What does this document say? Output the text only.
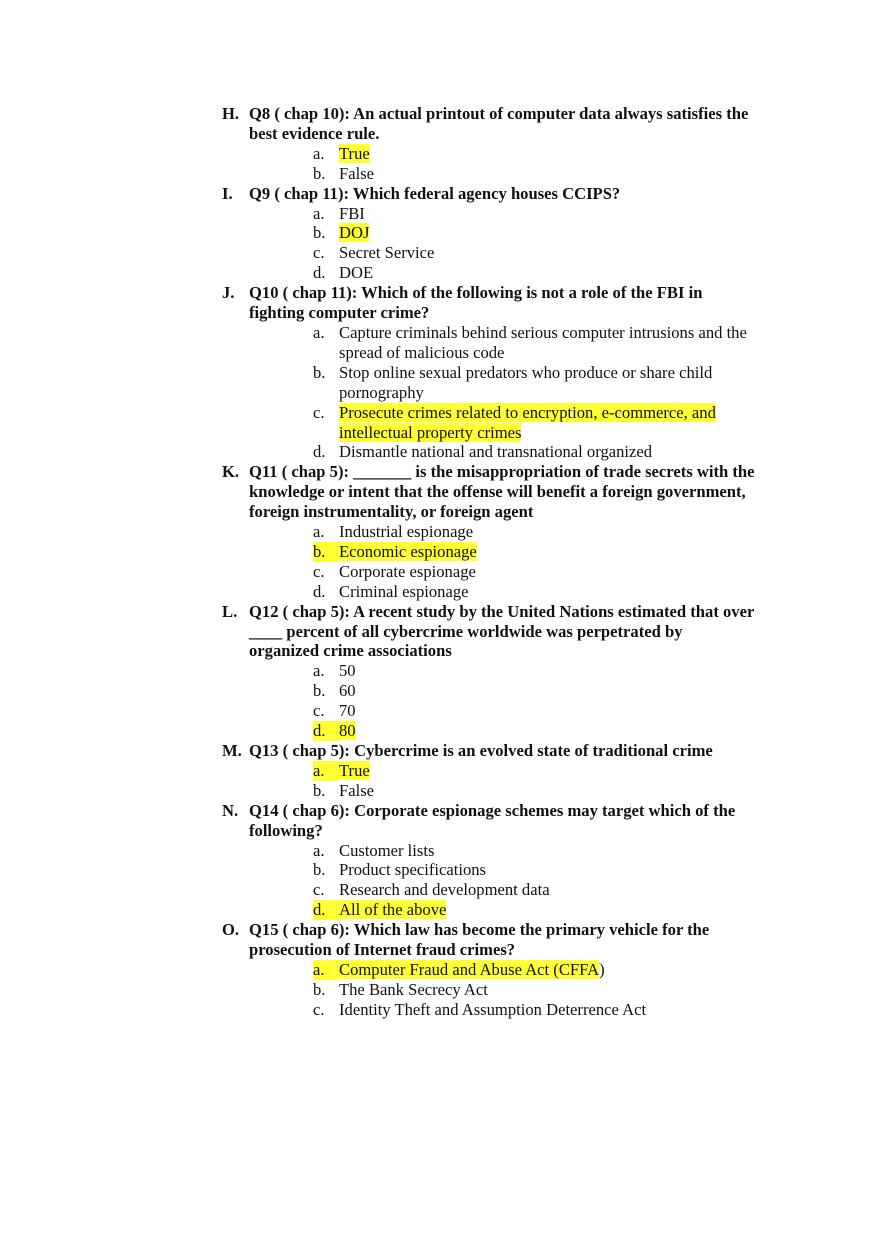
H. Q8 ( chap 10): An actual printout of computer data always satisfies the
best evidence rule.
a. True
b. False
I. Q9 ( chap 11): Which federal agency houses CCIPS?
a. FBI
b. DOJ
c. Secret Service
d. DOE
J. Q10 ( chap 11): Which of the following is not a role of the FBI in
fighting computer crime?
a. Capture criminals behind serious computer intrusions and the
spread of malicious code
b. Stop online sexual predators who produce or share child
pornography
c. Prosecute crimes related to encryption, e-commerce, and
intellectual property crimes
d. Dismantle national and transnational organized
K. Q11 ( chap 5): _______ is the misappropriation of trade secrets with the
knowledge or intent that the offense will benefit a foreign government,
foreign instrumentality, or foreign agent
a. Industrial espionage
b. Economic espionage
c. Corporate espionage
d. Criminal espionage
L. Q12 ( chap 5): A recent study by the United Nations estimated that over
____ percent of all cybercrime worldwide was perpetrated by
organized crime associations
a. 50
b. 60
c. 70
d. 80
M. Q13 ( chap 5): Cybercrime is an evolved state of traditional crime
a. True
b. False
N. Q14 ( chap 6): Corporate espionage schemes may target which of the
following?
a. Customer lists
b. Product specifications
c. Research and development data
d. All of the above
O. Q15 ( chap 6): Which law has become the primary vehicle for the
prosecution of Internet fraud crimes?
a. Computer Fraud and Abuse Act (CFFA)
b. The Bank Secrecy Act
c. Identity Theft and Assumption Deterrence Act
